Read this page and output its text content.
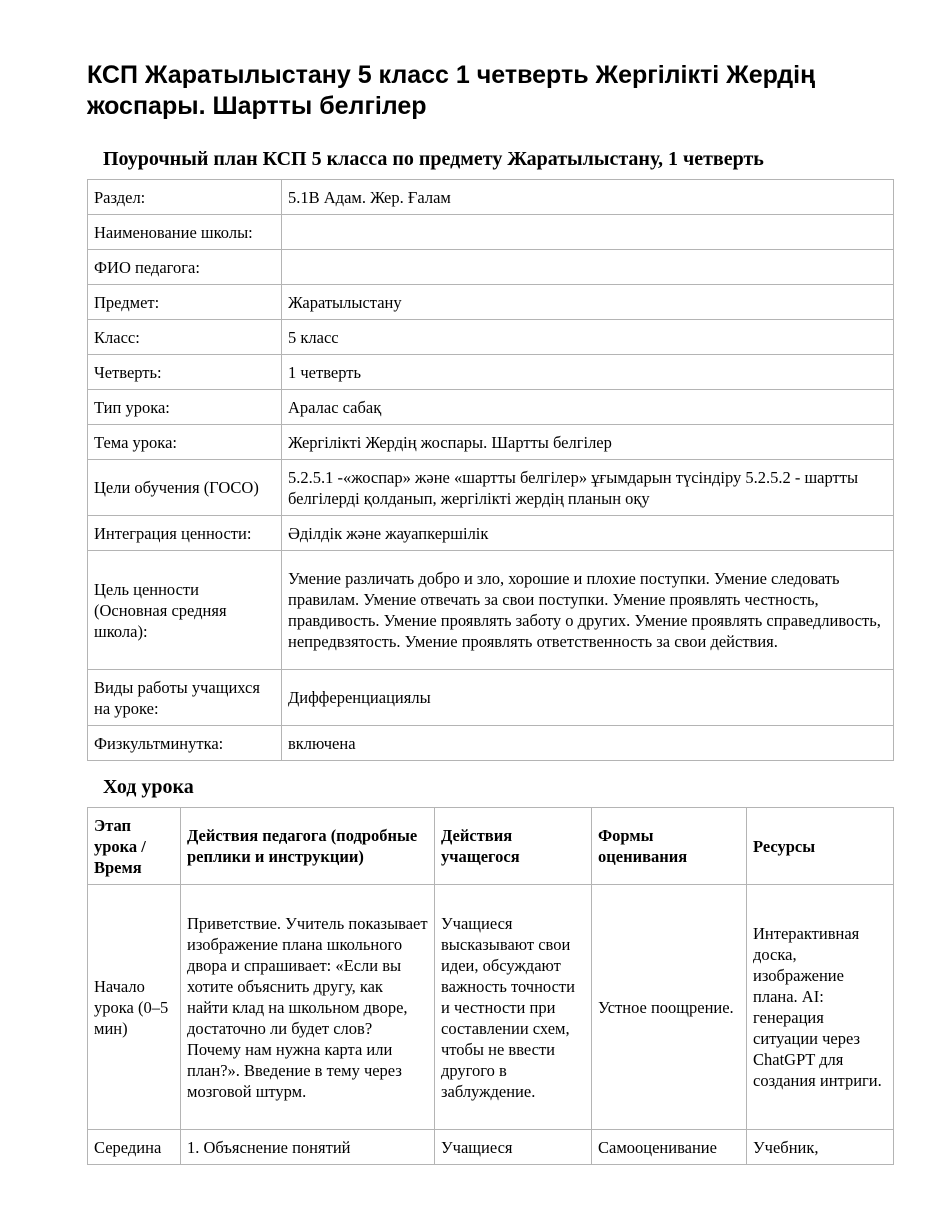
КСП Жаратылыстану 5 класс 1 четверть Жергілікті Жердің жоспары. Шартты белгілер
Поурочный план КСП 5 класса по предмету Жаратылыстану, 1 четверть
Раздел:	5.1В Адам. Жер. Ғалам
Наименование школы:	
ФИО педагога:	
Предмет:	Жаратылыстану
Класс:	5 класс
Четверть:	1 четверть
Тип урока:	Аралас сабақ
Тема урока:	Жергілікті Жердің жоспары. Шартты белгілер
Цели обучения (ГОСО)	5.2.5.1 -«жоспар» және «шартты белгілер» ұғымдарын түсіндіру 5.2.5.2 - шартты белгілерді қолданып, жергілікті жердің планын оқу
Интеграция ценности:	Әділдік және жауапкершілік
Цель ценности (Основная средняя школа):	Умение различать добро и зло, хорошие и плохие поступки. Умение следовать правилам. Умение отвечать за свои поступки. Умение проявлять честность, правдивость. Умение проявлять заботу о других. Умение проявлять справедливость, непредвзятость. Умение проявлять ответственность за свои действия.
Виды работы учащихся на уроке:	Дифференциациялы
Физкультминутка:	включена
Ход урока
Этап урока / Время	Действия педагога (подробные реплики и инструкции)	Действия учащегося	Формы оценивания	Ресурсы
Начало урока (0–5 мин)	Приветствие. Учитель показывает изображение плана школьного двора и спрашивает: «Если вы хотите объяснить другу, как найти клад на школьном дворе, достаточно ли будет слов? Почему нам нужна карта или план?». Введение в тему через мозговой штурм.	Учащиеся высказывают свои идеи, обсуждают важность точности и честности при составлении схем, чтобы не ввести другого в заблуждение.	Устное поощрение.	Интерактивная доска, изображение плана. AI: генерация ситуации через ChatGPT для создания интриги.
Середина	1. Объяснение понятий	Учащиеся	Самооценивание	Учебник,
